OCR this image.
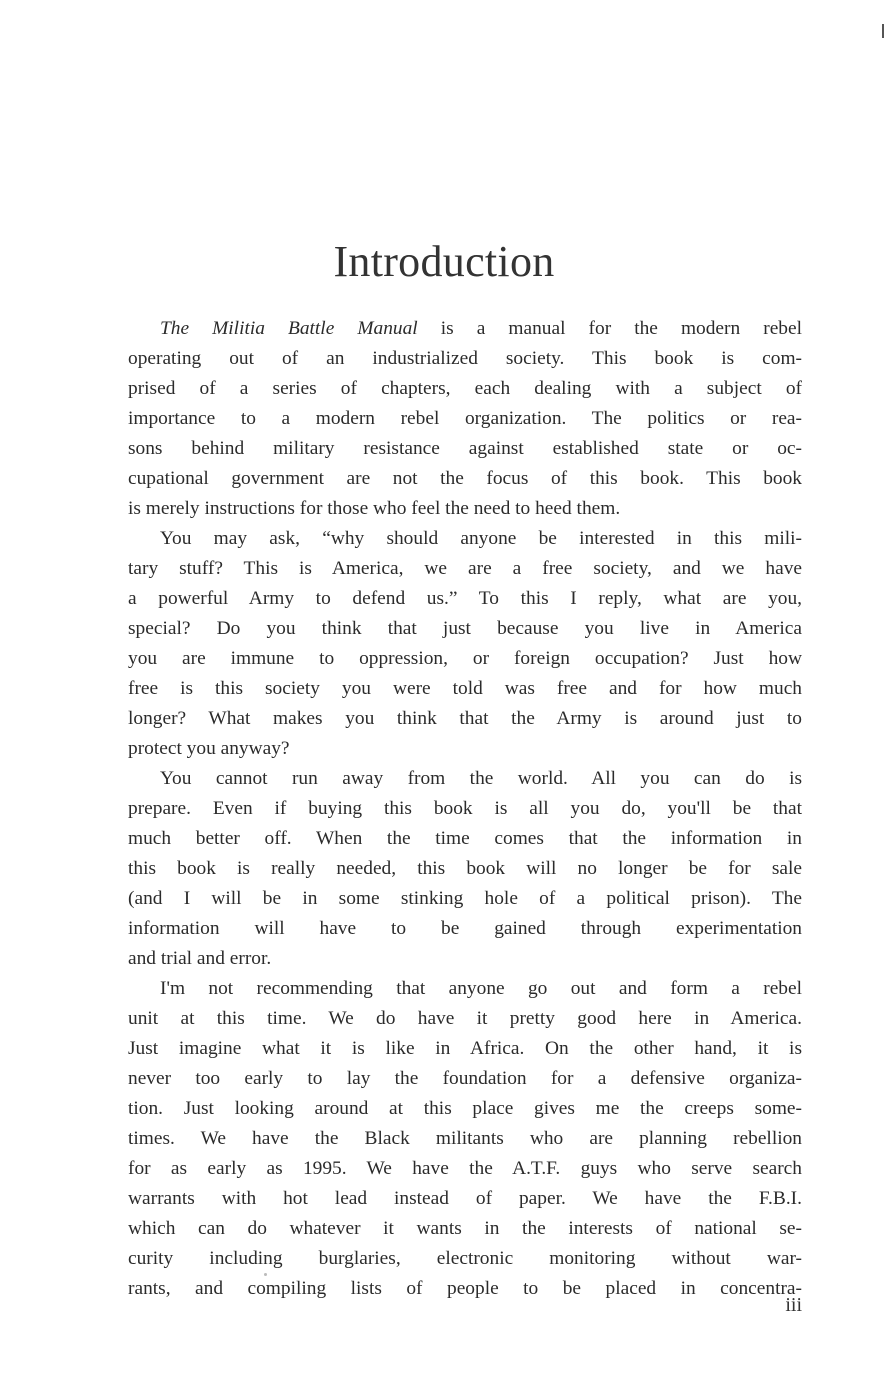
Introduction
The Militia Battle Manual is a manual for the modern rebel
operating out of an industrialized society. This book is com-
prised of a series of chapters, each dealing with a subject of
importance to a modern rebel organization. The politics or rea-
sons behind military resistance against established state or oc-
cupational government are not the focus of this book. This book
is merely instructions for those who feel the need to heed them.
You may ask, “why should anyone be interested in this mili-
tary stuff? This is America, we are a free society, and we have
a powerful Army to defend us.” To this I reply, what are you,
special? Do you think that just because you live in America
you are immune to oppression, or foreign occupation? Just how
free is this society you were told was free and for how much
longer? What makes you think that the Army is around just to
protect you anyway?
You cannot run away from the world. All you can do is
prepare. Even if buying this book is all you do, you'll be that
much better off. When the time comes that the information in
this book is really needed, this book will no longer be for sale
(and I will be in some stinking hole of a political prison). The
information will have to be gained through experimentation
and trial and error.
I'm not recommending that anyone go out and form a rebel
unit at this time. We do have it pretty good here in America.
Just imagine what it is like in Africa. On the other hand, it is
never too early to lay the foundation for a defensive organiza-
tion. Just looking around at this place gives me the creeps some-
times. We have the Black militants who are planning rebellion
for as early as 1995. We have the A.T.F. guys who serve search
warrants with hot lead instead of paper. We have the F.B.I.
which can do whatever it wants in the interests of national se-
curity including burglaries, electronic monitoring without war-
rants, and compiling lists of people to be placed in concentra-

iii
